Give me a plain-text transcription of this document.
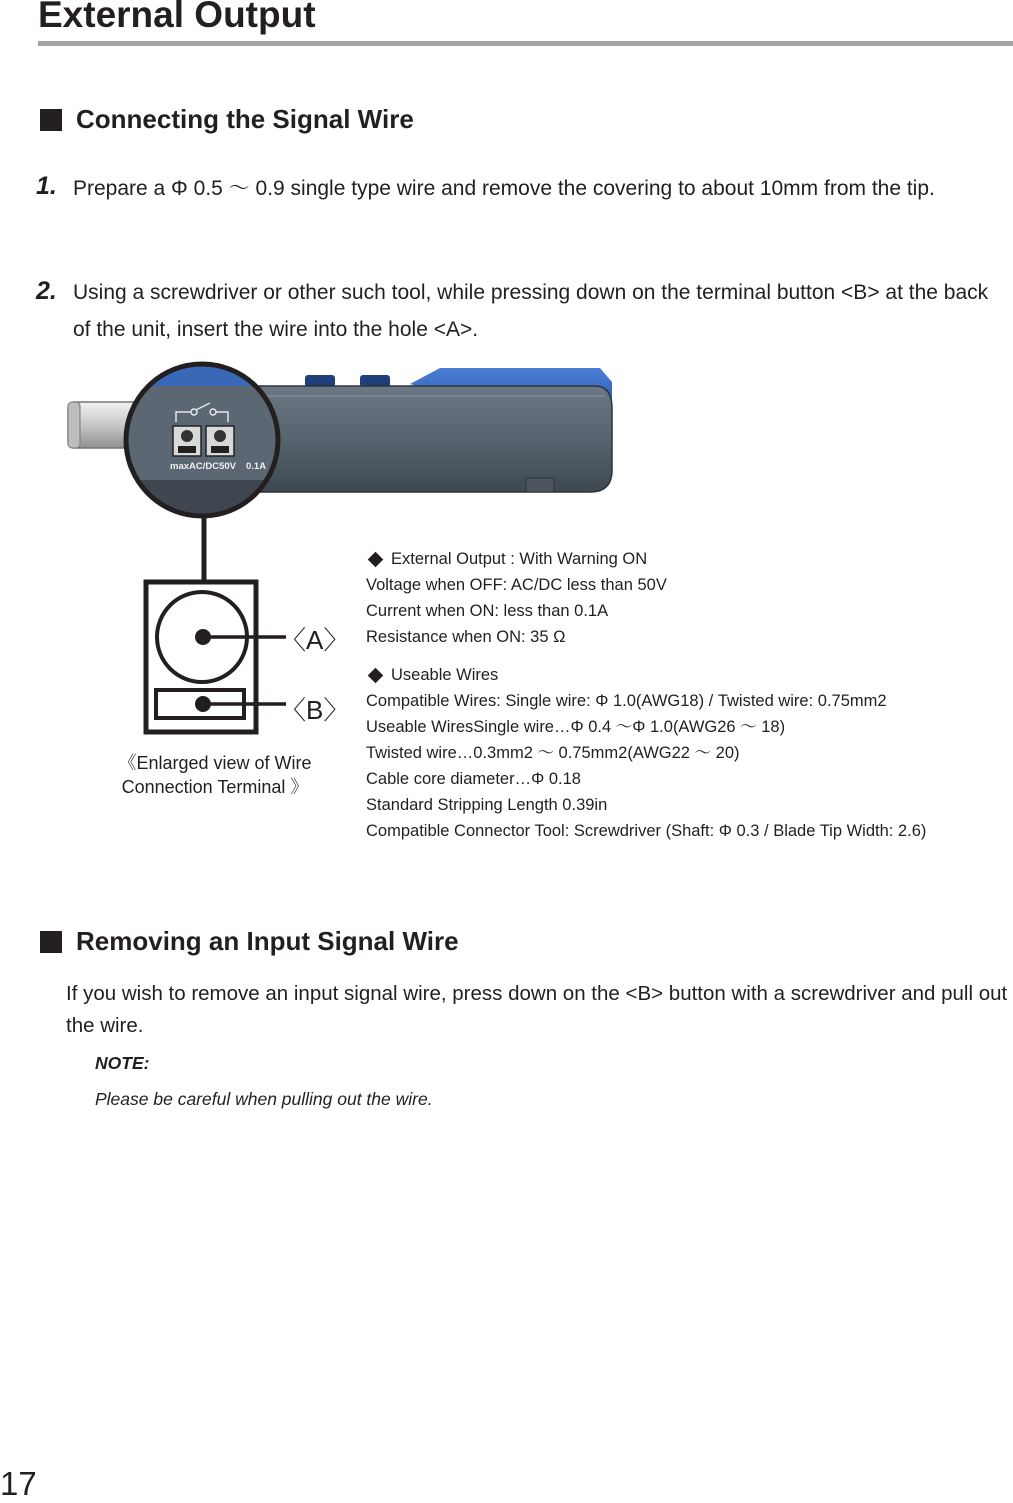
External Output
Connecting the Signal Wire
1. Prepare a Φ 0.5 ～ 0.9 single type wire and remove the covering to about 10mm from the tip.
2. Using a screwdriver or other such tool, while pressing down on the terminal button <B> at the back of the unit, insert the wire into the hole <A>.
maxAC/DC50V 0.1A
〈A〉
〈B〉
《Enlarged view of Wire
Connection Terminal 》
External Output : With Warning ON
Voltage when OFF: AC/DC less than 50V
Current when ON: less than 0.1A
Resistance when ON: 35 Ω
Useable Wires
Compatible Wires: Single wire: Φ 1.0(AWG18) / Twisted wire: 0.75mm2
Useable WiresSingle wire…Φ 0.4 ～Φ 1.0(AWG26 ～ 18)
Twisted wire…0.3mm2 ～ 0.75mm2(AWG22 ～ 20)
Cable core diameter…Φ 0.18
Standard Stripping Length 0.39in
Compatible Connector Tool: Screwdriver (Shaft: Φ 0.3 / Blade Tip Width: 2.6)
Removing an Input Signal Wire
If you wish to remove an input signal wire, press down on the <B> button with a screwdriver and pull out the wire.
NOTE:
Please be careful when pulling out the wire.
17
